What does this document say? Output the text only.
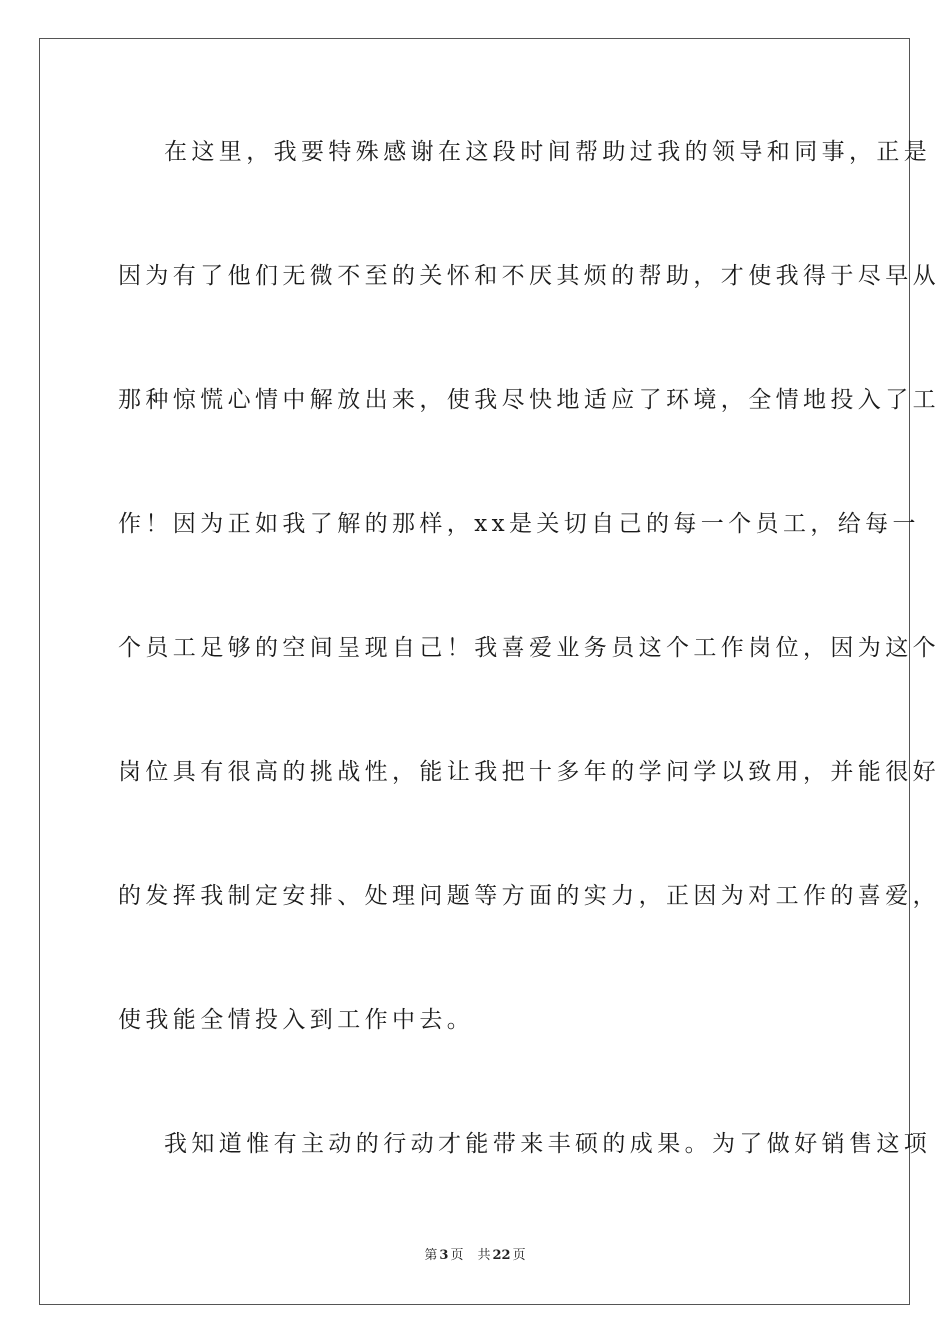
在这里，我要特殊感谢在这段时间帮助过我的领导和同事，正是
因为有了他们无微不至的关怀和不厌其烦的帮助，才使我得于尽早从
那种惊慌心情中解放出来，使我尽快地适应了环境，全情地投入了工
作！因为正如我了解的那样，xx是关切自己的每一个员工，给每一
个员工足够的空间呈现自己！我喜爱业务员这个工作岗位，因为这个
岗位具有很高的挑战性，能让我把十多年的学问学以致用，并能很好
的发挥我制定安排、处理问题等方面的实力，正因为对工作的喜爱，
使我能全情投入到工作中去。
我知道惟有主动的行动才能带来丰硕的成果。为了做好销售这项
第 3 页 共 22 页
